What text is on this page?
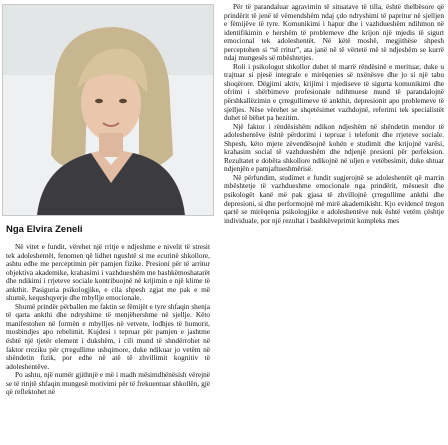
Nga Elvira Zeneli

Në vitet e fundit, vërehet një rritje e ndjeshme e nivelit të stresit tek adoleshentët, fenomen që lidhet ngushtë si me ecurinë shkollore, ashtu edhe me perceptimin për pamjen fizike. Presioni për të arritur objektiva akademike, krahasimi i vazhdueshëm me bashkëmoshatarët dhe ndikimi i rrjeteve sociale kontribuojnë në krijimin e një klime të ankthit. Pasiguria psikologjike, e cila shpesh zgjat me pak e më shumë, kequshqyerje dhe mbyllje emocionale.

Shumë prindër përballen me faktin se fëmijët e tyre shfaqin shenja të qarta ankthi dhe ndryshime të menjëhershme në sjellje. Këto manifestohen në formën e mbylljes në vetvete, lodhjes të humorit, mosbindjes apo rebelimit. Kujdesi i tepruar për pamjen e jashtme është një tjetër element i dukshëm, i cili mund të shndërrohet në faktor rreziku për çrregullime ushqimore, duke ndikuar jo vetëm në shëndetin fizik, por edhe në atë të zhvillimit kognitiv të adoleshentëve.

Po ashtu, një numër gjithnjë e më i madh mësimdhënësish vërejnë se të rinjtë shfaqin mungesë motivimi për të frekuentuar shkollën, gjë që reflektohet në

Për të parandaluar agravimin të situatave të tilla, është thelbësore që prindërit të jenë të vëmendshëm ndaj çdo ndryshimi të papritur në sjelljen e fëmijëve të tyre. Komunikimi i hapur dhe i vazhdueshëm ndihmon në identifikimin e hershëm të problemeve dhe krijon një mjedis të sigurt emocional tek adoleshentët. Në këtë moshë, megjithëse shpesh perceptohen si “të rritur”, ata janë në të vërtetë më të ndjeshëm se kurrë ndaj mungesës së mbështetjes.

Roli i psikologut shkollor duhet të marrë rëndësinë e merituar, duke u trajtuar si pjesë integrale e mirëqenies së nxënësve dhe jo si një tabu shoqërore. Dëgjimi aktiv, krijimi i mjediseve të sigurta komunikimi dhe ofrimi i shërbimeve profesionale ndihmuese mund të parandalojnë përshkallëzimin e çrregullimeve të ankthit, depresionit apo problemeve të sjelljes. Nëse vërehet se shqetësimet vazhdojnë, referimi tek specialistët duhet të bëhet pa hezitim.

Një faktor i rëndësishëm ndikon ndjeshëm në shëndetin mendor të adoleshentëve është përdorimi i tepruar i telefonit dhe rrjeteve sociale. Shpesh, këto mjete zëvendësojnë kohën e studimit dhe krijojnë varësi, krahasim social të vazhdueshëm dhe ndjenjë presioni për perfeksion. Rezultatet e dobëta shkollore ndikojnë në uljen e vetëbesimit, duke shtuar ndjenjën e pamjaftueshmërisë.

Në përfundim, studimet e fundit sugjerojnë se adoleshentët që marrin mbështetje të vazhdueshme emocionale nga prindërit, mësuesit dhe psikologët kanë më pak gjasa të zhvillojnë çrregullime ankthi dhe depresioni, si dhe performojnë më mirë akademikisht. Kjo evidencë tregon qartë se mirëqenia psikologjike e adoleshentëve nuk është vetëm çështje individuale, por një rezultat i bashkëveprimit kompleks mes
